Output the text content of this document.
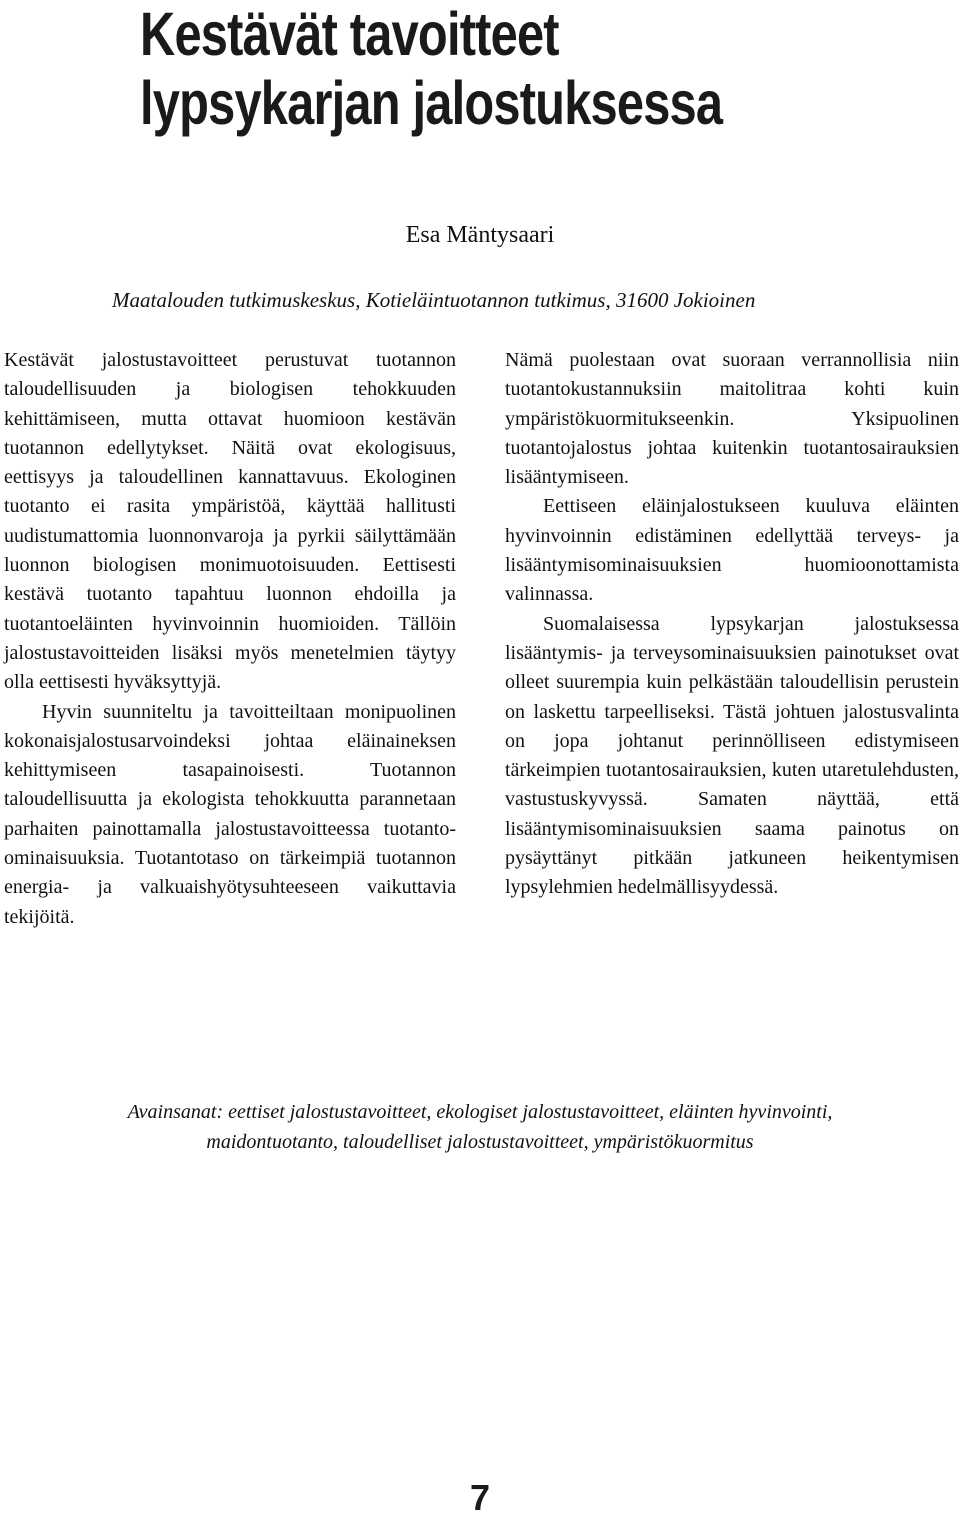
Kestävät tavoitteet
lypsykarjan jalostuksessa
Esa Mäntysaari
Maatalouden tutkimuskeskus, Kotieläintuotannon tutkimus, 31600 Jokioinen

Kestävät jalostustavoitteet perustuvat tuotannon taloudellisuuden ja biologisen tehokkuuden kehittämiseen, mutta ottavat huomioon kestävän tuotannon edellytykset. Näitä ovat ekologisuus, eettisyys ja taloudellinen kannattavuus. Ekologinen tuotanto ei rasita ympäristöä, käyttää hallitusti uudistumattomia luonnonvaroja ja pyrkii säilyttämään luonnon biologisen monimuotoisuuden. Eettisesti kestävä tuotanto tapahtuu luonnon ehdoilla ja tuotantoeläinten hyvinvoinnin huomioiden. Tällöin jalostustavoitteiden lisäksi myös menetelmien täytyy olla eettisesti hyväksyttyjä.

Hyvin suunniteltu ja tavoitteiltaan monipuolinen kokonaisjalostusarvoindeksi johtaa eläinaineksen kehittymiseen tasapainoisesti. Tuotannon taloudellisuutta ja ekologista tehokkuutta parannetaan parhaiten painottamalla jalostustavoitteessa tuotanto-ominaisuuksia. Tuotantotaso on tärkeimpiä tuotannon energia- ja valkuaishyötysuhteeseen vaikuttavia tekijöitä.

Nämä puolestaan ovat suoraan verrannollisia niin tuotantokustannuksiin maitolitraa kohti kuin ympäristökuormitukseenkin. Yksipuolinen tuotantojalostus johtaa kuitenkin tuotantosairauksien lisääntymiseen.

Eettiseen eläinjalostukseen kuuluva eläinten hyvinvoinnin edistäminen edellyttää terveys- ja lisääntymisominaisuuksien huomioonottamista valinnassa.

Suomalaisessa lypsykarjan jalostuksessa lisääntymis- ja terveysominaisuuksien painotukset ovat olleet suurempia kuin pelkästään taloudellisin perustein on laskettu tarpeelliseksi. Tästä johtuen jalostusvalinta on jopa johtanut perinnölliseen edistymiseen tärkeimpien tuotantosairauksien, kuten utaretulehdusten, vastustuskyvyssä. Samaten näyttää, että lisääntymisominaisuuksien saama painotus on pysäyttänyt pitkään jatkuneen heikentymisen lypsylehmien hedelmällisyydessä.

Avainsanat: eettiset jalostustavoitteet, ekologiset jalostustavoitteet, eläinten hyvinvointi,
maidontuotanto, taloudelliset jalostustavoitteet, ympäristökuormitus
7
